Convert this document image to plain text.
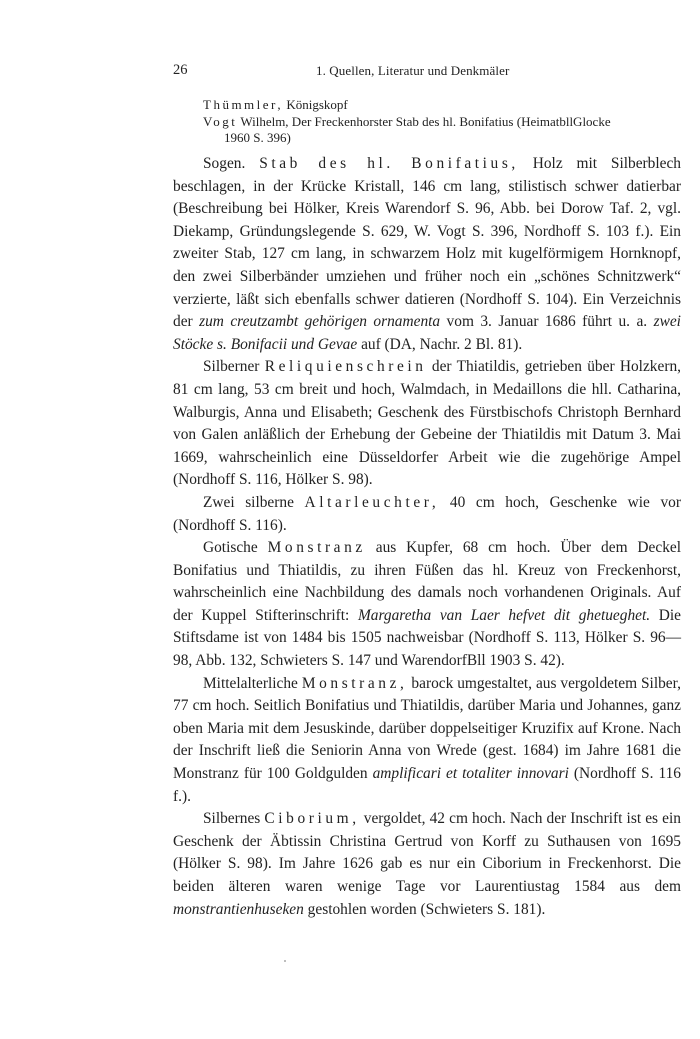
26	1. Quellen, Literatur und Denkmäler

Thümmler, Königskopf

Vogt Wilhelm, Der Freckenhorster Stab des hl. Bonifatius (HeimatbllGlocke

1960 S. 396)

Sogen. Stab des hl. Bonifatius, Holz mit Silberblech beschlagen, in der Krücke Kristall, 146 cm lang, stilistisch schwer datierbar (Beschreibung bei Hölker, Kreis Warendorf S. 96, Abb. bei Dorow Taf. 2, vgl. Diekamp, Gründungslegende S. 629, W. Vogt S. 396, Nordhoff S. 103 f.). Ein zweiter Stab, 127 cm lang, in schwarzem Holz mit kugelförmigem Hornknopf, den zwei Silberbänder umziehen und früher noch ein „schönes Schnitzwerk“ verzierte, läßt sich ebenfalls schwer datieren (Nordhoff S. 104). Ein Verzeichnis der zum creutzambt gehörigen ornamenta vom 3. Januar 1686 führt u. a. zwei Stöcke s. Bonifacii und Gevae auf (DA, Nachr. 2 Bl. 81).

Silberner Reliquienschrein der Thiatildis, getrieben über Holzkern, 81 cm lang, 53 cm breit und hoch, Walmdach, in Medaillons die hll. Catharina, Walburgis, Anna und Elisabeth; Geschenk des Fürstbischofs Christoph Bernhard von Galen anläßlich der Erhebung der Gebeine der Thiatildis mit Datum 3. Mai 1669, wahrscheinlich eine Düsseldorfer Arbeit wie die zugehörige Ampel (Nordhoff S. 116, Hölker S. 98).

Zwei silberne Altarleuchter, 40 cm hoch, Geschenke wie vor (Nordhoff S. 116).

Gotische Monstranz aus Kupfer, 68 cm hoch. Über dem Deckel Bonifatius und Thiatildis, zu ihren Füßen das hl. Kreuz von Freckenhorst, wahrscheinlich eine Nachbildung des damals noch vorhandenen Originals. Auf der Kuppel Stifterinschrift: Margaretha van Laer hefvet dit ghetueghet. Die Stiftsdame ist von 1484 bis 1505 nachweisbar (Nordhoff S. 113, Hölker S. 96—98, Abb. 132, Schwieters S. 147 und WarendorfBll 1903 S. 42).

Mittelalterliche Monstranz, barock umgestaltet, aus vergoldetem Silber, 77 cm hoch. Seitlich Bonifatius und Thiatildis, darüber Maria und Johannes, ganz oben Maria mit dem Jesuskinde, darüber doppelseitiger Kruzifix auf Krone. Nach der Inschrift ließ die Seniorin Anna von Wrede (gest. 1684) im Jahre 1681 die Monstranz für 100 Goldgulden amplificari et totaliter innovari (Nordhoff S. 116 f.).

Silbernes Ciborium, vergoldet, 42 cm hoch. Nach der Inschrift ist es ein Geschenk der Äbtissin Christina Gertrud von Korff zu Suthausen von 1695 (Hölker S. 98). Im Jahre 1626 gab es nur ein Ciborium in Freckenhorst. Die beiden älteren waren wenige Tage vor Laurentiustag 1584 aus dem monstrantienhuseken gestohlen worden (Schwieters S. 181).
